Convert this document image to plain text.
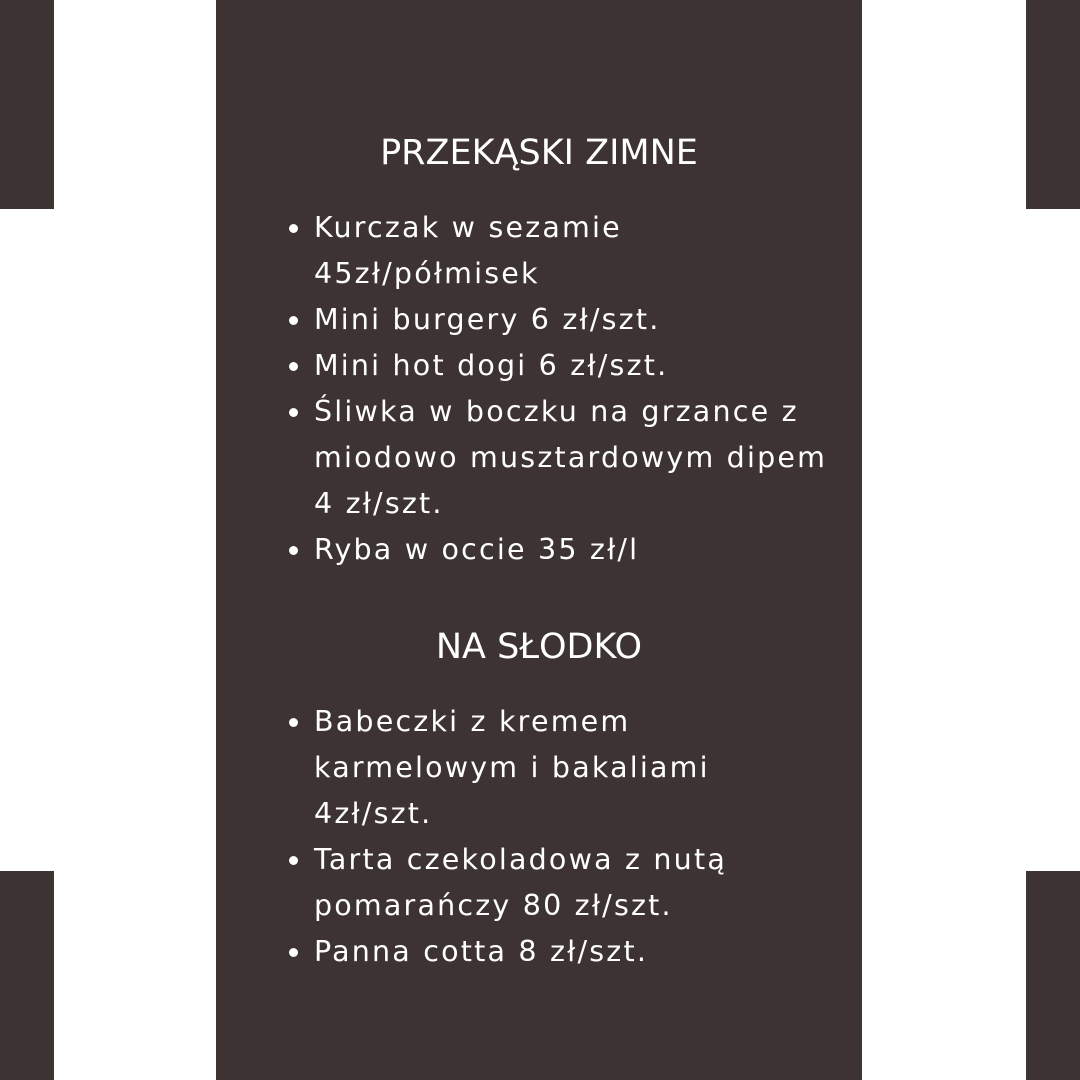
PRZEKĄSKI ZIMNE
Kurczak w sezamie 45zł/półmisek
Mini burgery 6 zł/szt.
Mini hot dogi 6 zł/szt.
Śliwka w boczku na grzance z miodowo musztardowym dipem 4 zł/szt.
Ryba w occie 35 zł/l
NA SŁODKO
Babeczki z kremem karmelowym i bakaliami 4zł/szt.
Tarta czekoladowa z nutą pomarańczy 80 zł/szt.
Panna cotta 8 zł/szt.
